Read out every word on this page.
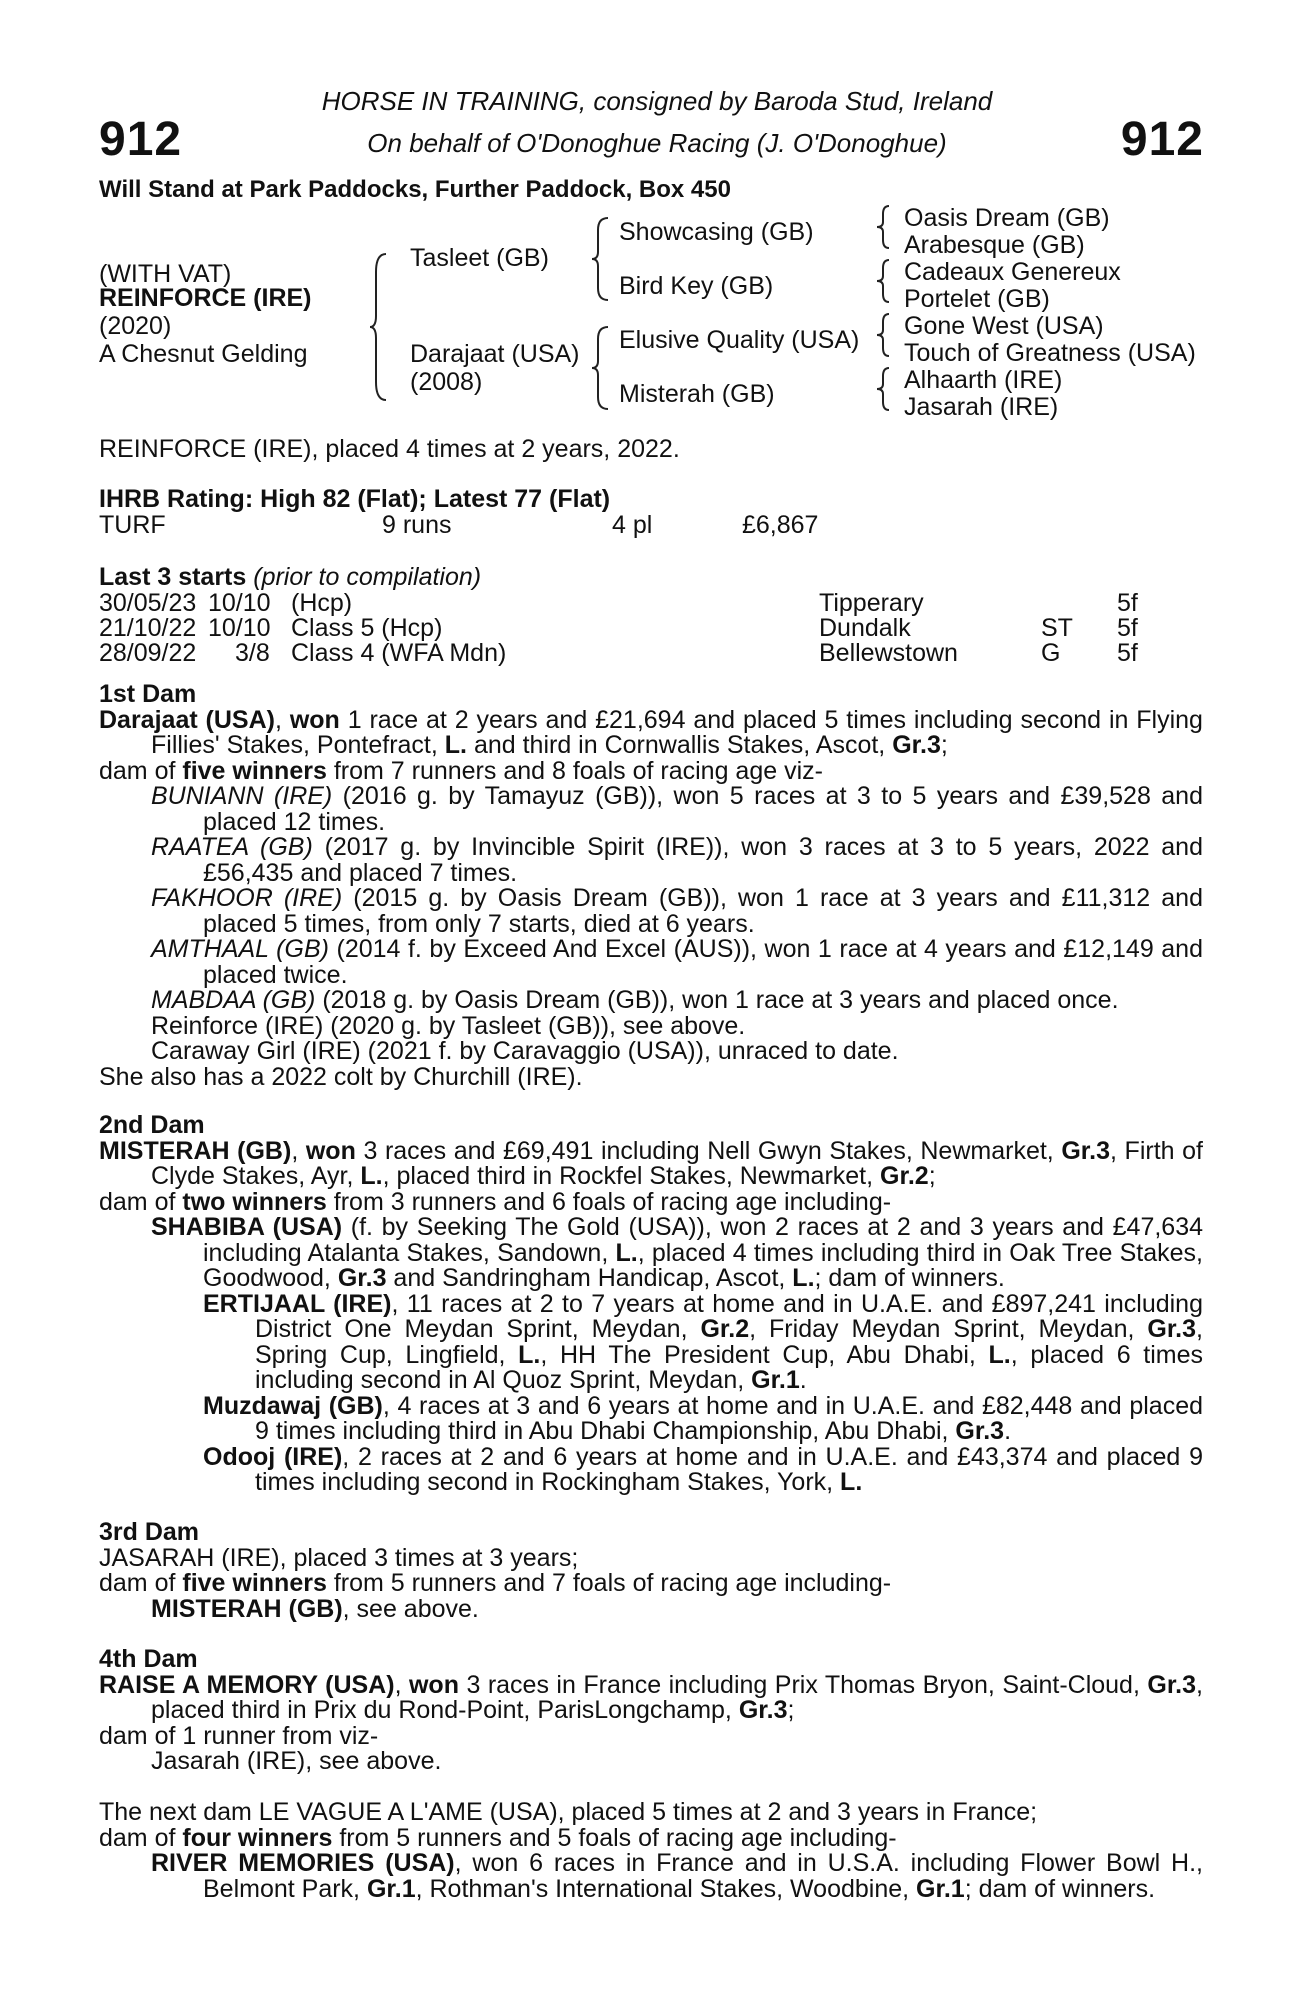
912	912
HORSE IN TRAINING, consigned by Baroda Stud, Ireland
On behalf of O'Donoghue Racing (J. O'Donoghue)
Will Stand at Park Paddocks, Further Paddock, Box 450
(WITH VAT)
REINFORCE (IRE)
(2020)
A Chesnut Gelding
Tasleet (GB)
Darajaat (USA)
(2008)
Showcasing (GB)
Bird Key (GB)
Elusive Quality (USA)
Misterah (GB)
Oasis Dream (GB)
Arabesque (GB)
Cadeaux Genereux
Portelet (GB)
Gone West (USA)
Touch of Greatness (USA)
Alhaarth (IRE)
Jasarah (IRE)
REINFORCE (IRE), placed 4 times at 2 years, 2022.
IHRB Rating: High 82 (Flat); Latest 77 (Flat)
TURF	9 runs	4 pl	£6,867
Last 3 starts (prior to compilation)
30/05/23 10/10 (Hcp)	Tipperary	5f
21/10/22 10/10 Class 5 (Hcp)	Dundalk	ST 5f
28/09/22 3/8 Class 4 (WFA Mdn)	Bellewstown	G 5f

1st Dam

Darajaat (USA), won 1 race at 2 years and £21,694 and placed 5 times including second in Flying Fillies' Stakes, Pontefract, L. and third in Cornwallis Stakes, Ascot, Gr.3;

dam of five winners from 7 runners and 8 foals of racing age viz-

BUNIANN (IRE) (2016 g. by Tamayuz (GB)), won 5 races at 3 to 5 years and £39,528 and placed 12 times.

RAATEA (GB) (2017 g. by Invincible Spirit (IRE)), won 3 races at 3 to 5 years, 2022 and £56,435 and placed 7 times.

FAKHOOR (IRE) (2015 g. by Oasis Dream (GB)), won 1 race at 3 years and £11,312 and placed 5 times, from only 7 starts, died at 6 years.

AMTHAAL (GB) (2014 f. by Exceed And Excel (AUS)), won 1 race at 4 years and £12,149 and placed twice.

MABDAA (GB) (2018 g. by Oasis Dream (GB)), won 1 race at 3 years and placed once.

Reinforce (IRE) (2020 g. by Tasleet (GB)), see above.

Caraway Girl (IRE) (2021 f. by Caravaggio (USA)), unraced to date.

She also has a 2022 colt by Churchill (IRE).

2nd Dam

MISTERAH (GB), won 3 races and £69,491 including Nell Gwyn Stakes, Newmarket, Gr.3, Firth of Clyde Stakes, Ayr, L., placed third in Rockfel Stakes, Newmarket, Gr.2;

dam of two winners from 3 runners and 6 foals of racing age including-

SHABIBA (USA) (f. by Seeking The Gold (USA)), won 2 races at 2 and 3 years and £47,634 including Atalanta Stakes, Sandown, L., placed 4 times including third in Oak Tree Stakes, Goodwood, Gr.3 and Sandringham Handicap, Ascot, L.; dam of winners.

ERTIJAAL (IRE), 11 races at 2 to 7 years at home and in U.A.E. and £897,241 including District One Meydan Sprint, Meydan, Gr.2, Friday Meydan Sprint, Meydan, Gr.3, Spring Cup, Lingfield, L., HH The President Cup, Abu Dhabi, L., placed 6 times including second in Al Quoz Sprint, Meydan, Gr.1.

Muzdawaj (GB), 4 races at 3 and 6 years at home and in U.A.E. and £82,448 and placed 9 times including third in Abu Dhabi Championship, Abu Dhabi, Gr.3.

Odooj (IRE), 2 races at 2 and 6 years at home and in U.A.E. and £43,374 and placed 9 times including second in Rockingham Stakes, York, L.

3rd Dam

JASARAH (IRE), placed 3 times at 3 years;

dam of five winners from 5 runners and 7 foals of racing age including-

MISTERAH (GB), see above.

4th Dam

RAISE A MEMORY (USA), won 3 races in France including Prix Thomas Bryon, Saint-Cloud, Gr.3, placed third in Prix du Rond-Point, ParisLongchamp, Gr.3;

dam of 1 runner from viz-

Jasarah (IRE), see above.

The next dam LE VAGUE A L'AME (USA), placed 5 times at 2 and 3 years in France;

dam of four winners from 5 runners and 5 foals of racing age including-

RIVER MEMORIES (USA), won 6 races in France and in U.S.A. including Flower Bowl H., Belmont Park, Gr.1, Rothman's International Stakes, Woodbine, Gr.1; dam of winners.
